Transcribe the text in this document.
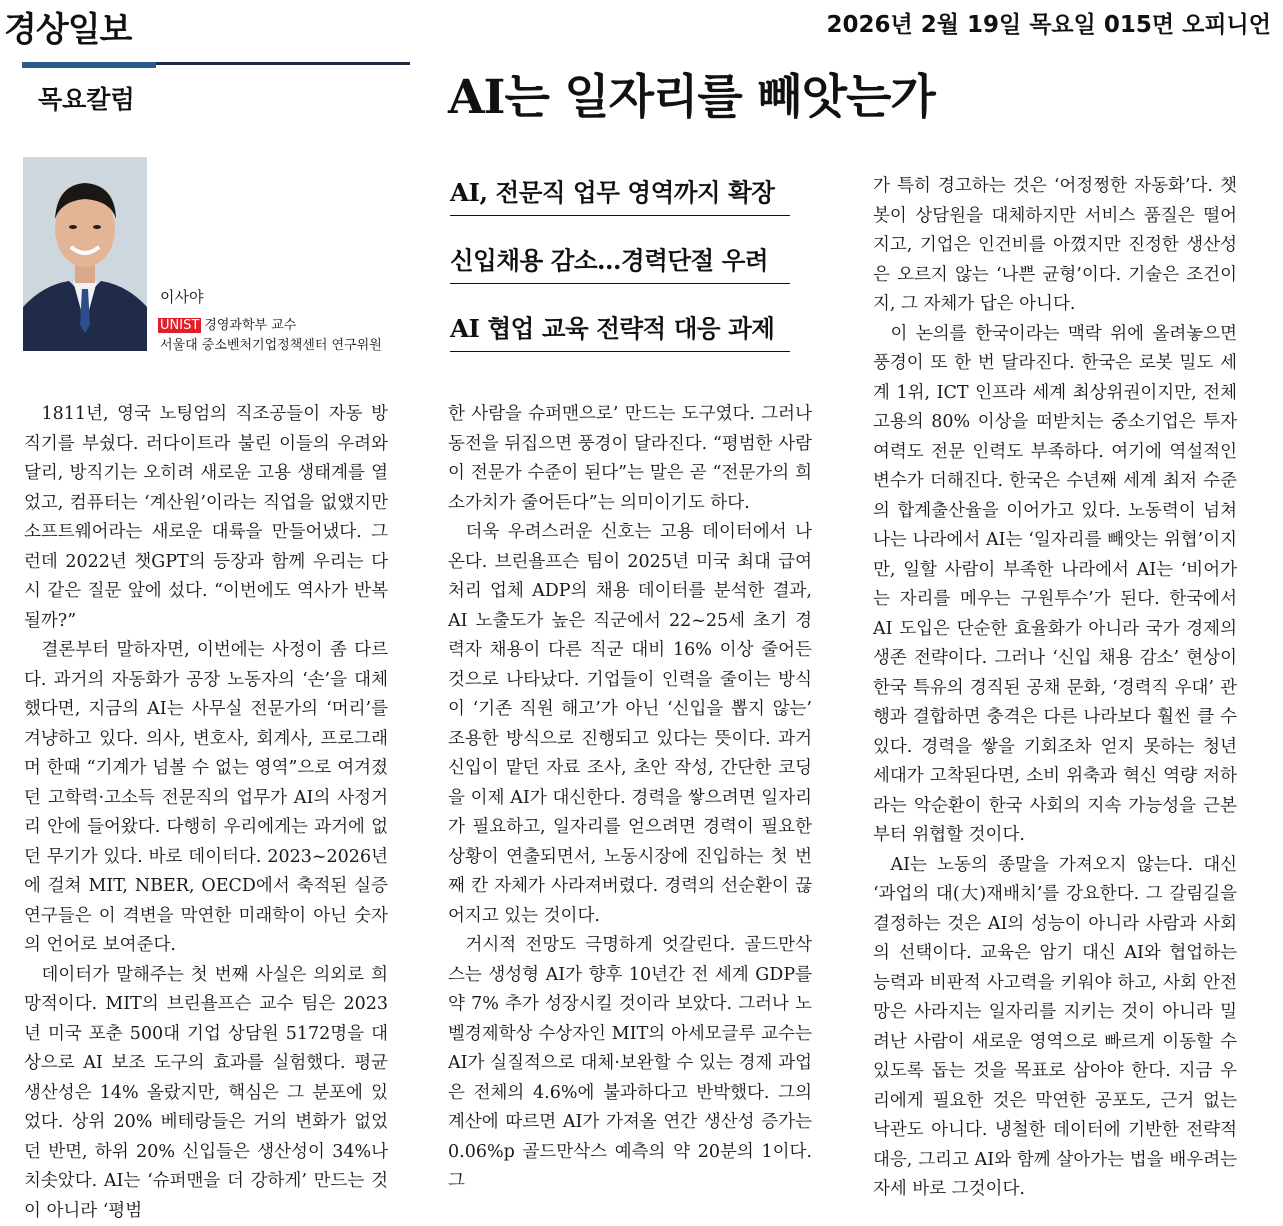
경상일보	2026년 2월 19일 목요일 015면 오피니언
목요칼럼	AI는 일자리를 빼앗는가
이사야
UNIST 경영과학부 교수
서울대 중소벤처기업정책센터 연구위원
AI, 전문직 업무 영역까지 확장
신입채용 감소…경력단절 우려
AI 협업 교육 전략적 대응 과제

1811년, 영국 노팅엄의 직조공들이 자동 방직기를 부쉈다. 러다이트라 불린 이들의 우려와 달리, 방직기는 오히려 새로운 고용 생태계를 열었고, 컴퓨터는 ‘계산원’이라는 직업을 없앴지만 소프트웨어라는 새로운 대륙을 만들어냈다. 그런데 2022년 챗GPT의 등장과 함께 우리는 다시 같은 질문 앞에 섰다. “이번에도 역사가 반복될까?”

결론부터 말하자면, 이번에는 사정이 좀 다르다. 과거의 자동화가 공장 노동자의 ‘손’을 대체했다면, 지금의 AI는 사무실 전문가의 ‘머리’를 겨냥하고 있다. 의사, 변호사, 회계사, 프로그래머 한때 “기계가 넘볼 수 없는 영역”으로 여겨졌던 고학력·고소득 전문직의 업무가 AI의 사정거리 안에 들어왔다. 다행히 우리에게는 과거에 없던 무기가 있다. 바로 데이터다. 2023~2026년에 걸쳐 MIT, NBER, OECD에서 축적된 실증 연구들은 이 격변을 막연한 미래학이 아닌 숫자의 언어로 보여준다.

데이터가 말해주는 첫 번째 사실은 의외로 희망적이다. MIT의 브린욜프슨 교수 팀은 2023년 미국 포춘 500대 기업 상담원 5172명을 대상으로 AI 보조 도구의 효과를 실험했다. 평균 생산성은 14% 올랐지만, 핵심은 그 분포에 있었다. 상위 20% 베테랑들은 거의 변화가 없었던 반면, 하위 20% 신입들은 생산성이 34%나 치솟았다. AI는 ‘슈퍼맨을 더 강하게’ 만드는 것이 아니라 ‘평범

한 사람을 슈퍼맨으로’ 만드는 도구였다. 그러나 동전을 뒤집으면 풍경이 달라진다. “평범한 사람이 전문가 수준이 된다”는 말은 곧 “전문가의 희소가치가 줄어든다”는 의미이기도 하다.

더욱 우려스러운 신호는 고용 데이터에서 나온다. 브린욜프슨 팀이 2025년 미국 최대 급여 처리 업체 ADP의 채용 데이터를 분석한 결과, AI 노출도가 높은 직군에서 22~25세 초기 경력자 채용이 다른 직군 대비 16% 이상 줄어든 것으로 나타났다. 기업들이 인력을 줄이는 방식이 ‘기존 직원 해고’가 아닌 ‘신입을 뽑지 않는’ 조용한 방식으로 진행되고 있다는 뜻이다. 과거 신입이 맡던 자료 조사, 초안 작성, 간단한 코딩을 이제 AI가 대신한다. 경력을 쌓으려면 일자리가 필요하고, 일자리를 얻으려면 경력이 필요한 상황이 연출되면서, 노동시장에 진입하는 첫 번째 칸 자체가 사라져버렸다. 경력의 선순환이 끊어지고 있는 것이다.

거시적 전망도 극명하게 엇갈린다. 골드만삭스는 생성형 AI가 향후 10년간 전 세계 GDP를 약 7% 추가 성장시킬 것이라 보았다. 그러나 노벨경제학상 수상자인 MIT의 아세모글루 교수는 AI가 실질적으로 대체·보완할 수 있는 경제 과업은 전체의 4.6%에 불과하다고 반박했다. 그의 계산에 따르면 AI가 가져올 연간 생산성 증가는 0.06%p 골드만삭스 예측의 약 20분의 1이다. 그

가 특히 경고하는 것은 ‘어정쩡한 자동화’다. 챗봇이 상담원을 대체하지만 서비스 품질은 떨어지고, 기업은 인건비를 아꼈지만 진정한 생산성은 오르지 않는 ‘나쁜 균형’이다. 기술은 조건이지, 그 자체가 답은 아니다.

이 논의를 한국이라는 맥락 위에 올려놓으면 풍경이 또 한 번 달라진다. 한국은 로봇 밀도 세계 1위, ICT 인프라 세계 최상위권이지만, 전체 고용의 80% 이상을 떠받치는 중소기업은 투자 여력도 전문 인력도 부족하다. 여기에 역설적인 변수가 더해진다. 한국은 수년째 세계 최저 수준의 합계출산율을 이어가고 있다. 노동력이 넘쳐나는 나라에서 AI는 ‘일자리를 빼앗는 위협’이지만, 일할 사람이 부족한 나라에서 AI는 ‘비어가는 자리를 메우는 구원투수’가 된다. 한국에서 AI 도입은 단순한 효율화가 아니라 국가 경제의 생존 전략이다. 그러나 ‘신입 채용 감소’ 현상이 한국 특유의 경직된 공채 문화, ‘경력직 우대’ 관행과 결합하면 충격은 다른 나라보다 훨씬 클 수 있다. 경력을 쌓을 기회조차 얻지 못하는 청년 세대가 고착된다면, 소비 위축과 혁신 역량 저하라는 악순환이 한국 사회의 지속 가능성을 근본부터 위협할 것이다.

AI는 노동의 종말을 가져오지 않는다. 대신 ‘과업의 대(大)재배치’를 강요한다. 그 갈림길을 결정하는 것은 AI의 성능이 아니라 사람과 사회의 선택이다. 교육은 암기 대신 AI와 협업하는 능력과 비판적 사고력을 키워야 하고, 사회 안전망은 사라지는 일자리를 지키는 것이 아니라 밀려난 사람이 새로운 영역으로 빠르게 이동할 수 있도록 돕는 것을 목표로 삼아야 한다. 지금 우리에게 필요한 것은 막연한 공포도, 근거 없는 낙관도 아니다. 냉철한 데이터에 기반한 전략적 대응, 그리고 AI와 함께 살아가는 법을 배우려는 자세 바로 그것이다.
